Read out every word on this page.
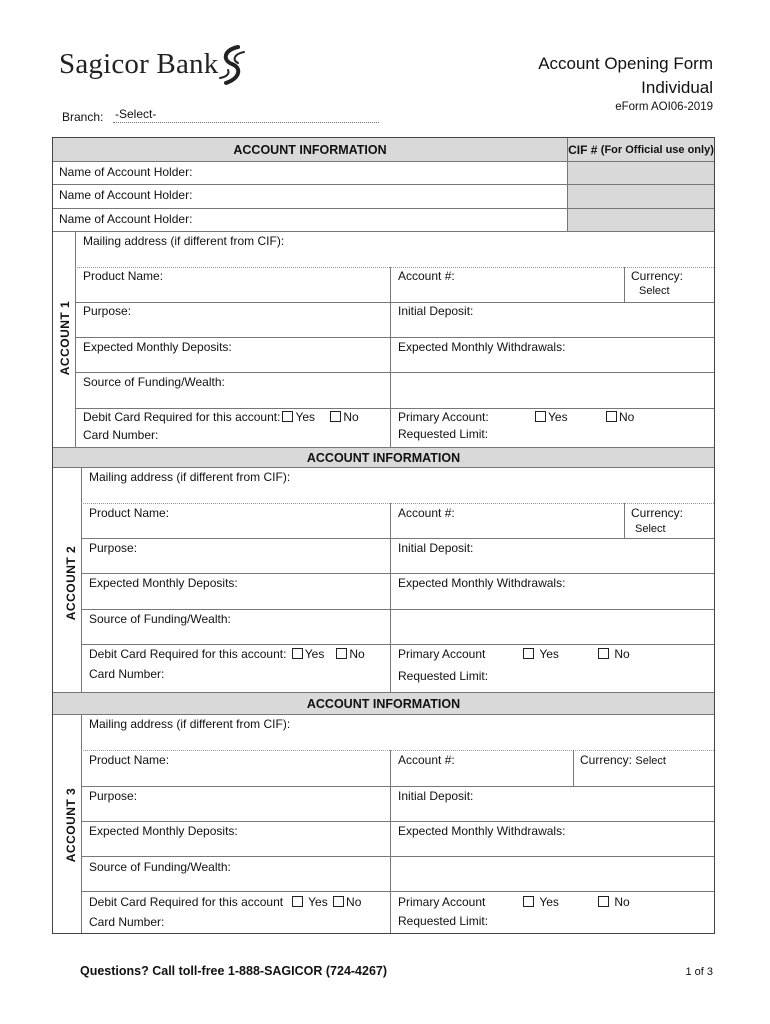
Sagicor Bank	Account Opening Form
Individual
eForm AOI06-2019
Branch: -Select-
ACCOUNT INFORMATION	CIF #
(For Official use only)
Name of Account Holder:
Name of Account Holder:
Name of Account Holder:
ACCOUNT 1
Mailing address (if different from CIF):
Product Name:	Account #:	Currency:
Select
Purpose:	Initial Deposit:
Expected Monthly Deposits:	Expected Monthly Withdrawals:
Source of Funding/Wealth:
Debit Card Required for this account: Yes No	Primary Account:	Yes	No
Card Number:	Requested Limit:
ACCOUNT INFORMATION
ACCOUNT 2
Mailing address (if different from CIF):
Product Name:	Account #:	Currency:
Select
Purpose:	Initial Deposit:
Expected Monthly Deposits:	Expected Monthly Withdrawals:
Source of Funding/Wealth:
Debit Card Required for this account: Yes No	Primary Account	Yes	No
Card Number:	Requested Limit:
ACCOUNT INFORMATION
ACCOUNT 3
Mailing address (if different from CIF):
Product Name:	Account #:	Currency: Select
Purpose:	Initial Deposit:
Expected Monthly Deposits:	Expected Monthly Withdrawals:
Source of Funding/Wealth:
Debit Card Required for this account Yes No	Primary Account	Yes	No
Card Number:	Requested Limit:
Questions? Call toll-free 1-888-SAGICOR (724-4267)	1 of 3
